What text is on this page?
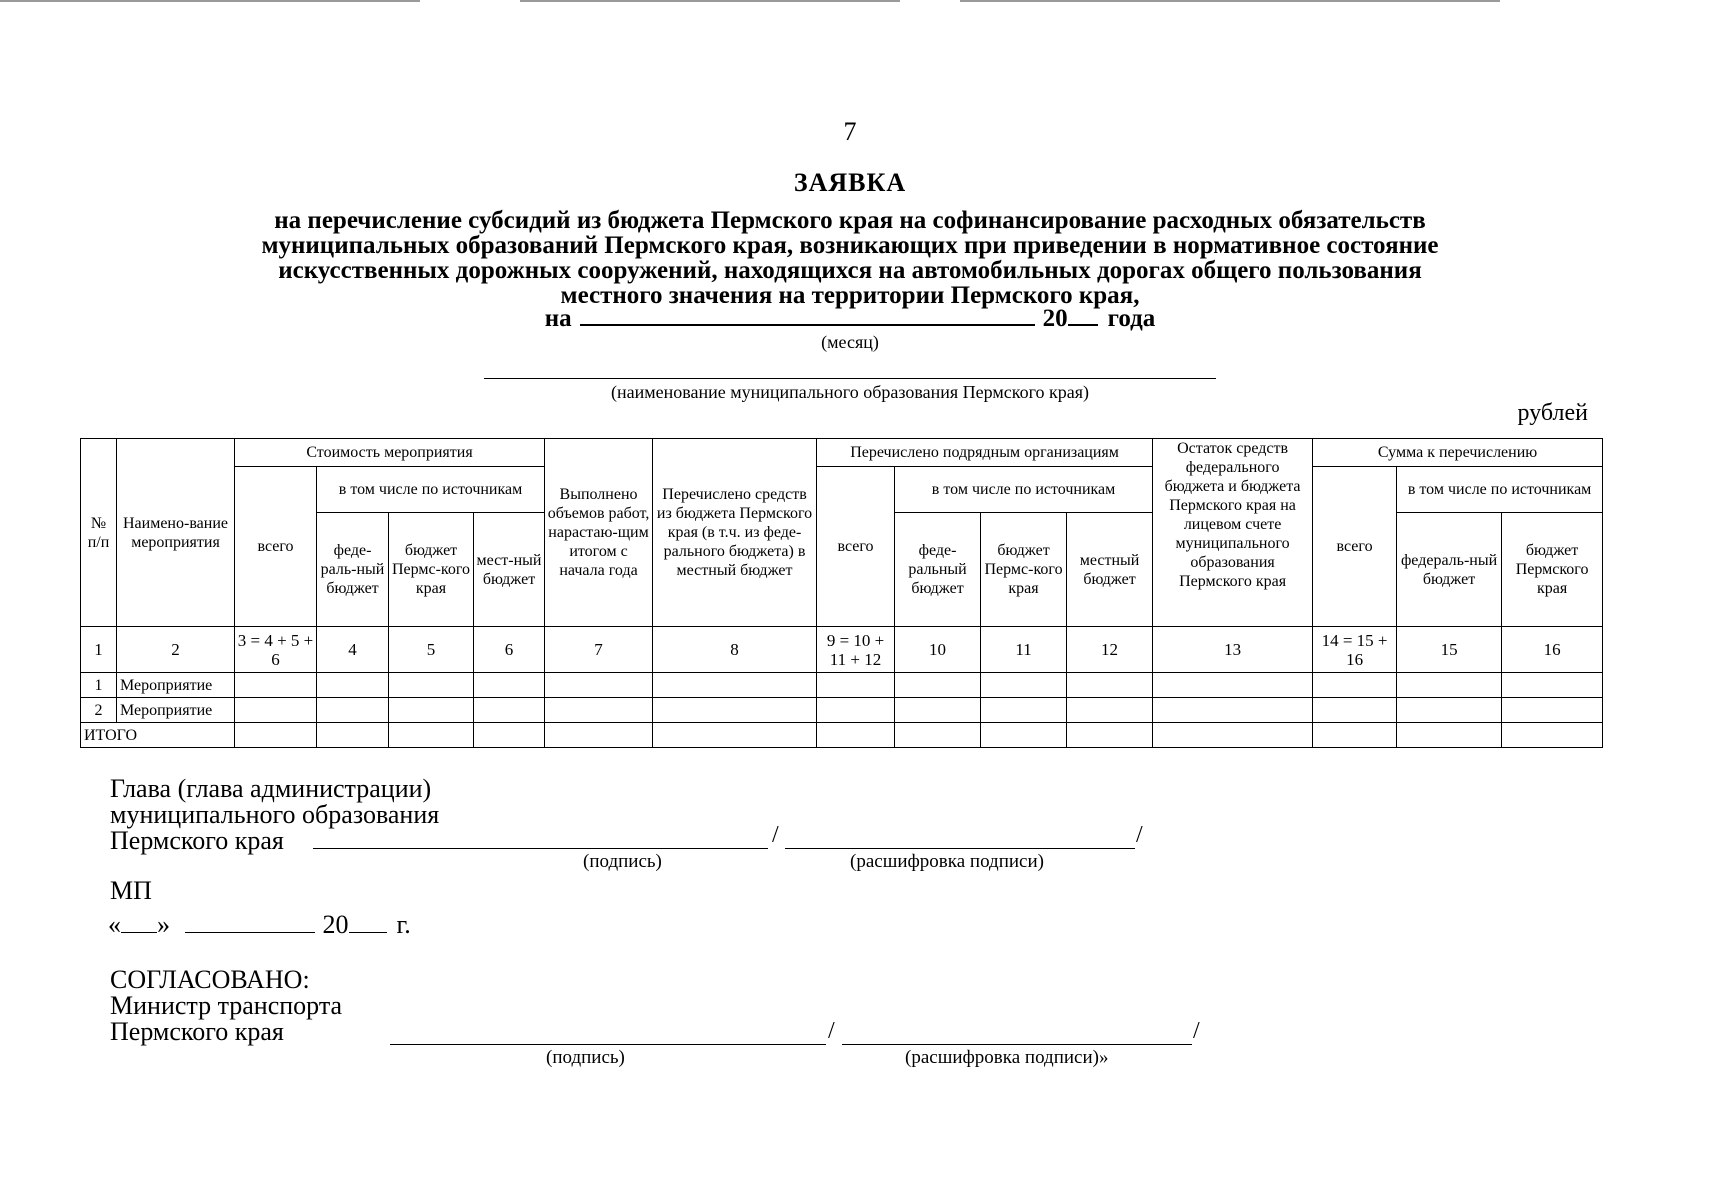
7
ЗАЯВКА
на перечисление субсидий из бюджета Пермского края на софинансирование расходных обязательств
муниципальных образований Пермского края, возникающих при приведении в нормативное состояние
искусственных дорожных сооружений, находящихся на автомобильных дорогах общего пользования
местного значения на территории Пермского края,
на	20 года
(месяц)
(наименование муниципального образования Пермского края)
рублей
№ п/п	Наимено-вание мероприятия	Стоимость мероприятия				Выполнено объемов работ, нарастаю-щим итогом с начала года	Перечислено средств из бюджета Пермского края (в т.ч. из феде-рального бюджета) в местный бюджет	Перечислено подрядным организациям				Остаток средств федерального бюджета и бюджета Пермского края на лицевом счете муниципального образования Пермского края	Сумма к перечислению		
		всего	в том числе по источникам					всего	в том числе по источникам				всего	в том числе по источникам	
			феде-раль-ный бюджет	бюджет Пермс-кого края	мест-ный бюджет				феде-ральный бюджет	бюджет Пермс-кого края	местный бюджет			федераль-ный бюджет	бюджет Пермского края
1	2	3 = 4 + 5 + 6	4	5	6	7	8	9 = 10 + 11 + 12	10	11	12	13	14 = 15 + 16	15	16
1	Мероприятие														
2	Мероприятие														
ИТОГО															
Глава (глава администрации)
муниципального образования
Пермского края	/	/
(подпись)	(расшифровка подписи)
МП
« »	20 г.
СОГЛАСОВАНО:
Министр транспорта
Пермского края	/	/
(подпись)	(расшифровка подписи)»
